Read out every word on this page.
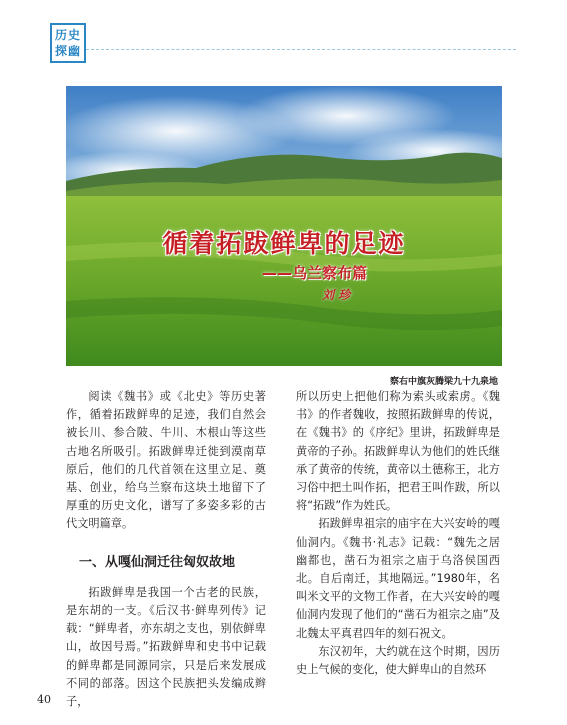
历史
探幽
循着拓跋鲜卑的足迹
——乌兰察布篇
刘 珍
察右中旗灰腾梁九十九泉地

阅读《魏书》或《北史》等历史著作，循着拓跋鲜卑的足迹，我们自然会被长川、参合陂、牛川、木根山等这些古地名所吸引。拓跋鲜卑迁徙到漠南草原后，他们的几代首领在这里立足、奠基、创业，给乌兰察布这块土地留下了厚重的历史文化，谱写了多姿多彩的古代文明篇章。

一、从嘎仙洞迁往匈奴故地

拓跋鲜卑是我国一个古老的民族，是东胡的一支。《后汉书·鲜卑列传》记载：“鲜卑者，亦东胡之支也，别依鲜卑山，故因号焉。”拓跋鲜卑和史书中记载的鲜卑都是同源同宗，只是后来发展成不同的部落。因这个民族把头发编成辫子，

所以历史上把他们称为索头或索虏。《魏书》的作者魏收，按照拓跋鲜卑的传说，在《魏书》的《序纪》里讲，拓跋鲜卑是黄帝的子孙。拓跋鲜卑认为他们的姓氏继承了黄帝的传统，黄帝以土德称王，北方习俗中把土叫作拓，把君王叫作跋，所以将“拓跋”作为姓氏。

拓跋鲜卑祖宗的庙宇在大兴安岭的嘎仙洞内。《魏书·礼志》记载：“魏先之居幽都也，凿石为祖宗之庙于乌洛侯国西北。自后南迁，其地隔远。”1980年，名叫米文平的文物工作者，在大兴安岭的嘎仙洞内发现了他们的“凿石为祖宗之庙”及北魏太平真君四年的刻石祝文。

东汉初年，大约就在这个时期，因历史上气候的变化，使大鲜卑山的自然环

40
